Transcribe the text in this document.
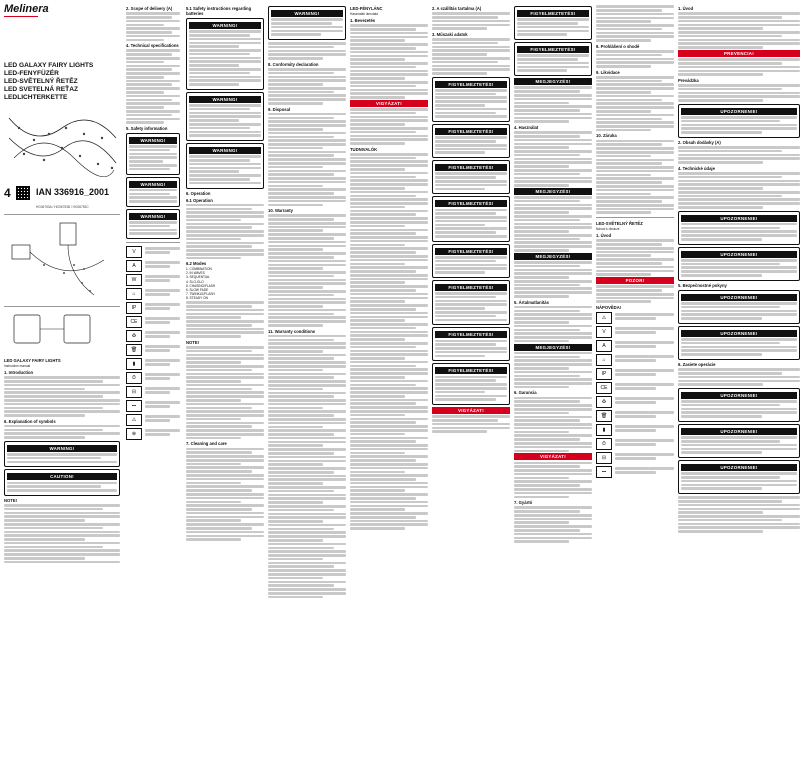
Melinera
LED GALAXY FAIRY LIGHTS
LED-FENYFÜZÉR
LED-SVĚTELNÝ ŘETĚZ
LED SVETELNÁ REŤAZ
LEDLICHTERKETTE
4	IAN 336916_2001
HG06753A / HG06753B / HG06753C
LED GALAXY FAIRY LIGHTS
Instruction manual
1. Introduction
6. Explanation of symbols
WARNING!
CAUTION!
NOTE!
2. Scope of delivery (A)
4. Technical specifications
5. Safety information
WARNING!
WARNING!
WARNING!
V
A
W
⌂
IP
CE
♻
🗑
▮
⏱
⊟
⎓
⚠
⊕
5.1 Safety instructions regarding batteries
WARNING!
WARNING!
WARNING!
6. Operation
6.1 Operation
6.2 Modes
1. COMBINATION
2. IN WAVES
3. SEQUENTIAL
4. SLO-GLO
5. CHASING/FLASH
6. SLOW FADE
7. TWINKLE/FLASH
8. STEADY ON
NOTE!
7. Cleaning and care
WARNING!
8. Conformity declaration
9. Disposal
10. Warranty
11. Warranty conditions
LED-FÉNYLÁNC
Használati útmutató
1. Bevezetés
VIGYÁZAT!
TUDNIVALÓK
2. A szállítás tartalma (A)
3. Műszaki adatok
FIGYELMEZTETÉS!
FIGYELMEZTETÉS!
FIGYELMEZTETÉS!
FIGYELMEZTETÉS!
FIGYELMEZTETÉS!
FIGYELMEZTETÉS!
FIGYELMEZTETÉS!
FIGYELMEZTETÉS!
VIGYÁZAT!
FIGYELMEZTETÉS!
FIGYELMEZTETÉS!
MEGJEGYZÉS!
4. Használat
MEGJEGYZÉS!
MEGJEGYZÉS!
5. Ártalmatlanítás
MEGJEGYZÉS!
6. Garancia
VIGYÁZAT!
7. Gyártó
8. Prohlášení o shodě
9. Likvidace
10. Záruka
LED-SVĚTELNÝ ŘETĚZ
Návod k obsluze
1. Úvod
POZOR!
NÁPOVĚDA!
⚠
V
A
⌂
IP
CE
♻
🗑
▮
⏱
⊟
⎓
1. Úvod
PREVENCIA!
Prevádzka
UPOZORNENIE!
2. Obsah dodávky (A)
4. Technické údaje
UPOZORNENIE!
UPOZORNENIE!
5. Bezpečnostné pokyny
UPOZORNENIE!
UPOZORNENIE!
6. Zasiete operácie
UPOZORNENIE!
UPOZORNENIE!
UPOZORNENIE!
